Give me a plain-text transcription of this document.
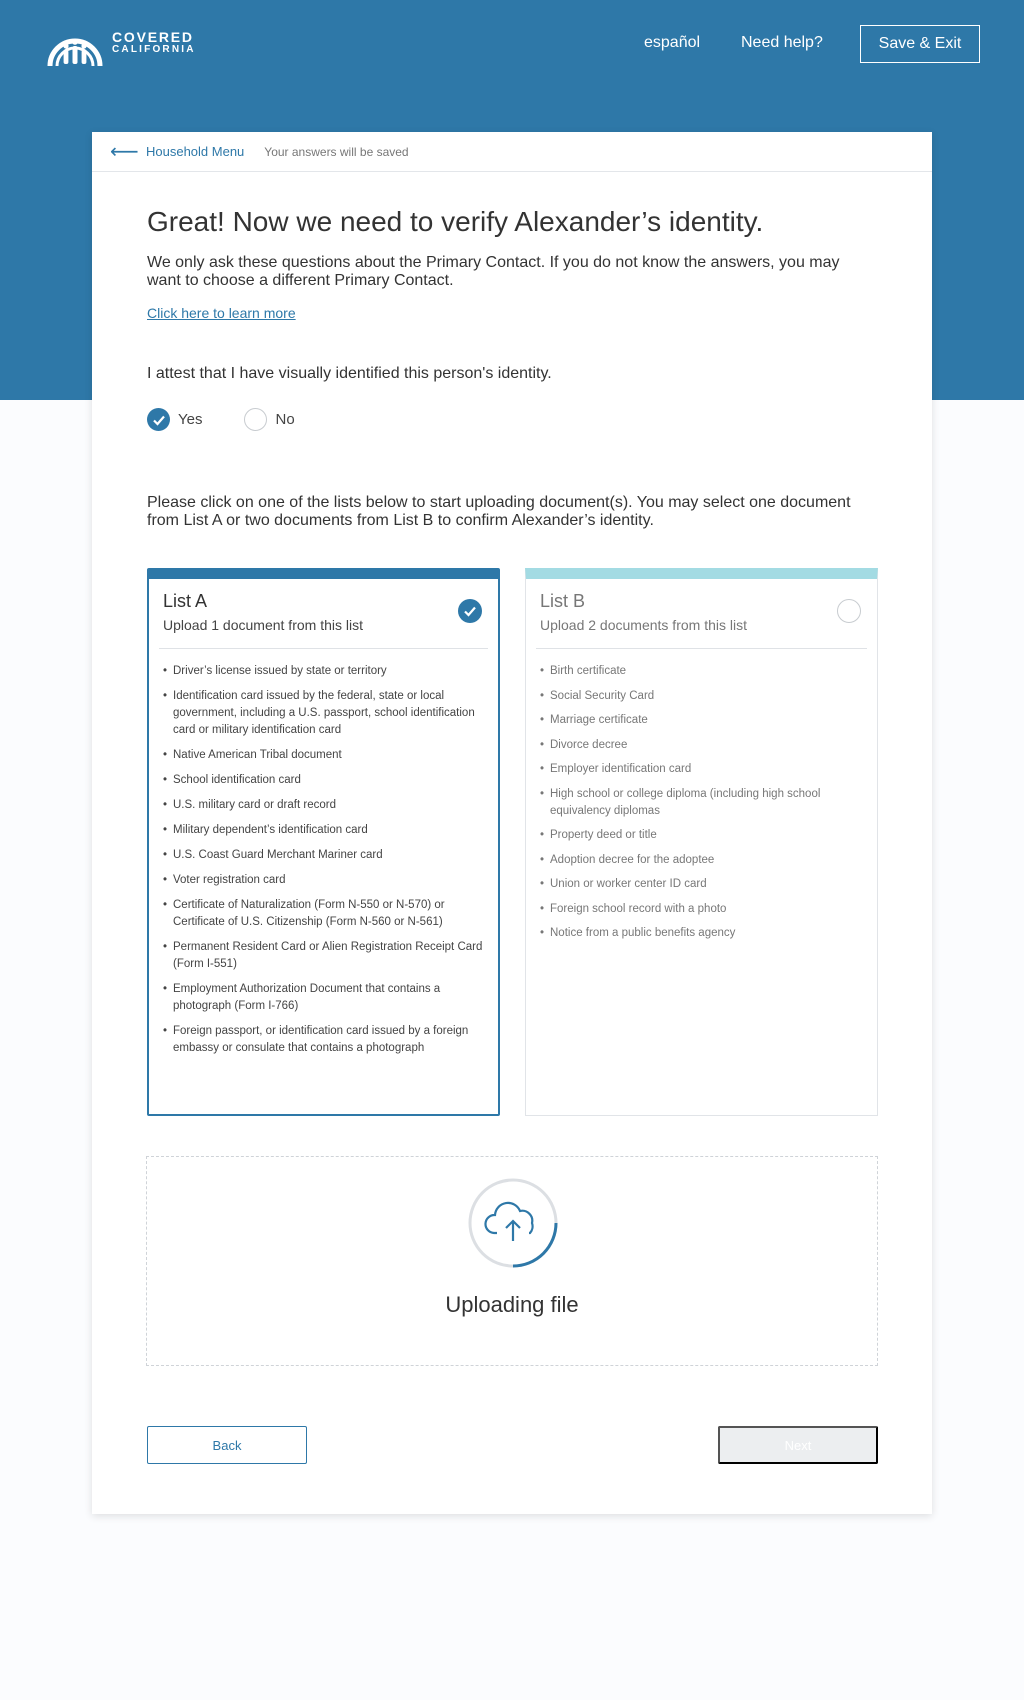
COVERED
CALIFORNIA	español	Need help?	Save & Exit
⟵ Household Menu Your answers will be saved
Great! Now we need to verify Alexander’s identity.
We only ask these questions about the Primary Contact. If you do not know the answers, you may want to choose a different Primary Contact.
Click here to learn more
I attest that I have visually identified this person's identity.
Yes	No
Please click on one of the lists below to start uploading document(s). You may select one document from List A or two documents from List B to confirm Alexander’s identity.
List A
Upload 1 document from this list
• Driver’s license issued by state or territory
• Identification card issued by the federal, state or local government, including a U.S. passport, school identification card or military identification card
• Native American Tribal document
• School identification card
• U.S. military card or draft record
• Military dependent’s identification card
• U.S. Coast Guard Merchant Mariner card
• Voter registration card
• Certificate of Naturalization (Form N-550 or N-570) or Certificate of U.S. Citizenship (Form N-560 or N-561)
• Permanent Resident Card or Alien Registration Receipt Card (Form I-551)
• Employment Authorization Document that contains a photograph (Form I-766)
• Foreign passport, or identification card issued by a foreign embassy or consulate that contains a photograph
List B
Upload 2 documents from this list
• Birth certificate
• Social Security Card
• Marriage certificate
• Divorce decree
• Employer identification card
• High school or college diploma (including high school equivalency diplomas
• Property deed or title
• Adoption decree for the adoptee
• Union or worker center ID card
• Foreign school record with a photo
• Notice from a public benefits agency
Uploading file
Back	Next
